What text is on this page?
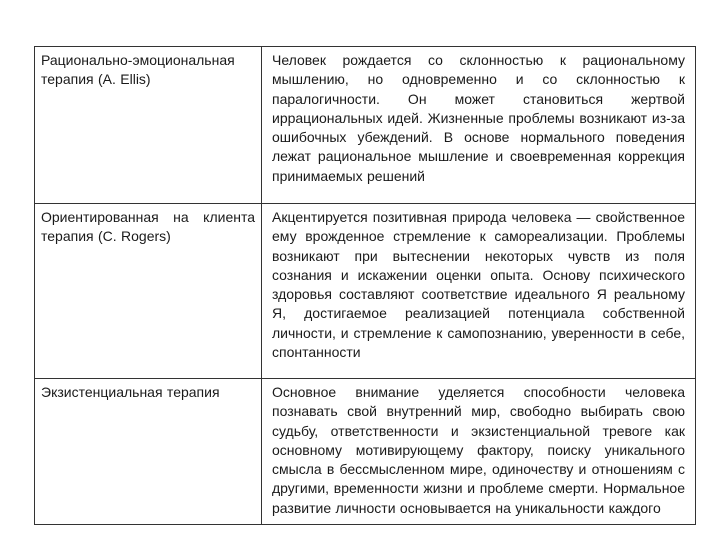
Рационально-эмоциональная терапия (A. Ellis)	Человек рождается со склонностью к рациональному мышлению, но одновременно и со склонностью к паралогичности. Он может становиться жертвой иррациональных идей. Жизненные проблемы возникают из-за ошибочных убеждений. В основе нормального поведения лежат рациональное мышление и своевременная коррекция принимаемых решений
Ориентированная на клиента терапия (C. Rogers)	Акцентируется позитивная природа человека — свойственное ему врожденное стремление к самореализации. Проблемы возникают при вытеснении некоторых чувств из поля сознания и искажении оценки опыта. Основу психического здоровья составляют соответствие идеального Я реальному Я, достигаемое реализацией потенциала собственной личности, и стремление к самопознанию, уверенности в себе, спонтанности
Экзистенциальная терапия	Основное внимание уделяется способности человека познавать свой внутренний мир, свободно выбирать свою судьбу, ответственности и экзистенциальной тревоге как основному мотивирующему фактору, поиску уникального смысла в бессмысленном мире, одиночеству и отношениям с другими, временности жизни и проблеме смерти. Нормальное развитие личности основывается на уникальности каждого
